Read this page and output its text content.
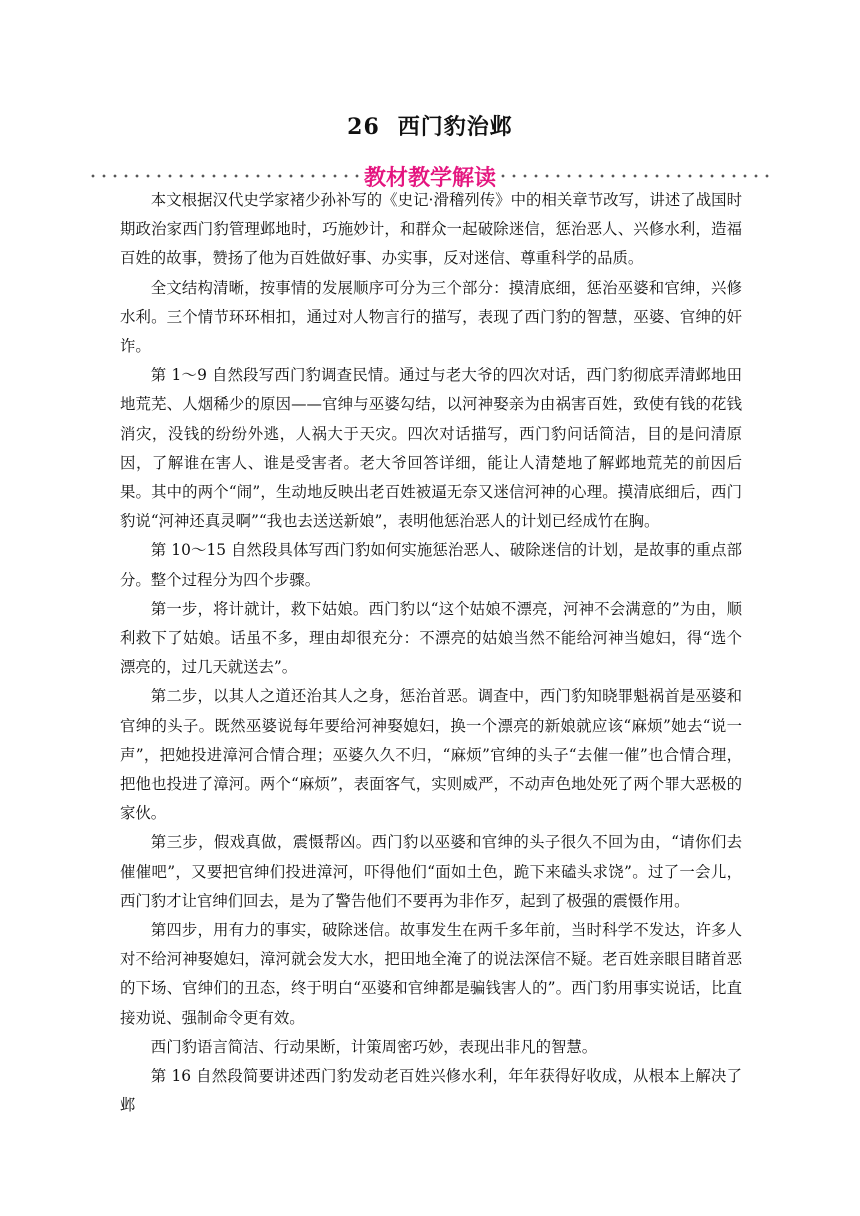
26 西门豹治邺
教材教学解读

本文根据汉代史学家褚少孙补写的《史记·滑稽列传》中的相关章节改写，讲述了战国时期政治家西门豹管理邺地时，巧施妙计，和群众一起破除迷信，惩治恶人、兴修水利，造福百姓的故事，赞扬了他为百姓做好事、办实事，反对迷信、尊重科学的品质。

全文结构清晰，按事情的发展顺序可分为三个部分：摸清底细，惩治巫婆和官绅，兴修水利。三个情节环环相扣，通过对人物言行的描写，表现了西门豹的智慧，巫婆、官绅的奸诈。

第 1～9 自然段写西门豹调查民情。通过与老大爷的四次对话，西门豹彻底弄清邺地田地荒芜、人烟稀少的原因——官绅与巫婆勾结，以河神娶亲为由祸害百姓，致使有钱的花钱消灾，没钱的纷纷外逃，人祸大于天灾。四次对话描写，西门豹问话简洁，目的是问清原因，了解谁在害人、谁是受害者。老大爷回答详细，能让人清楚地了解邺地荒芜的前因后果。其中的两个“闹”，生动地反映出老百姓被逼无奈又迷信河神的心理。摸清底细后，西门豹说“河神还真灵啊”“我也去送送新娘”，表明他惩治恶人的计划已经成竹在胸。

第 10～15 自然段具体写西门豹如何实施惩治恶人、破除迷信的计划，是故事的重点部分。整个过程分为四个步骤。

第一步，将计就计，救下姑娘。西门豹以“这个姑娘不漂亮，河神不会满意的”为由，顺利救下了姑娘。话虽不多，理由却很充分：不漂亮的姑娘当然不能给河神当媳妇，得“选个漂亮的，过几天就送去”。

第二步，以其人之道还治其人之身，惩治首恶。调查中，西门豹知晓罪魁祸首是巫婆和官绅的头子。既然巫婆说每年要给河神娶媳妇，换一个漂亮的新娘就应该“麻烦”她去“说一声”，把她投进漳河合情合理；巫婆久久不归，“麻烦”官绅的头子“去催一催”也合情合理，把他也投进了漳河。两个“麻烦”，表面客气，实则威严，不动声色地处死了两个罪大恶极的家伙。

第三步，假戏真做，震慑帮凶。西门豹以巫婆和官绅的头子很久不回为由，“请你们去催催吧”，又要把官绅们投进漳河，吓得他们“面如土色，跪下来磕头求饶”。过了一会儿，西门豹才让官绅们回去，是为了警告他们不要再为非作歹，起到了极强的震慑作用。

第四步，用有力的事实，破除迷信。故事发生在两千多年前，当时科学不发达，许多人对不给河神娶媳妇，漳河就会发大水，把田地全淹了的说法深信不疑。老百姓亲眼目睹首恶的下场、官绅们的丑态，终于明白“巫婆和官绅都是骗钱害人的”。西门豹用事实说话，比直接劝说、强制命令更有效。

西门豹语言简洁、行动果断，计策周密巧妙，表现出非凡的智慧。

第 16 自然段简要讲述西门豹发动老百姓兴修水利，年年获得好收成，从根本上解决了邺
